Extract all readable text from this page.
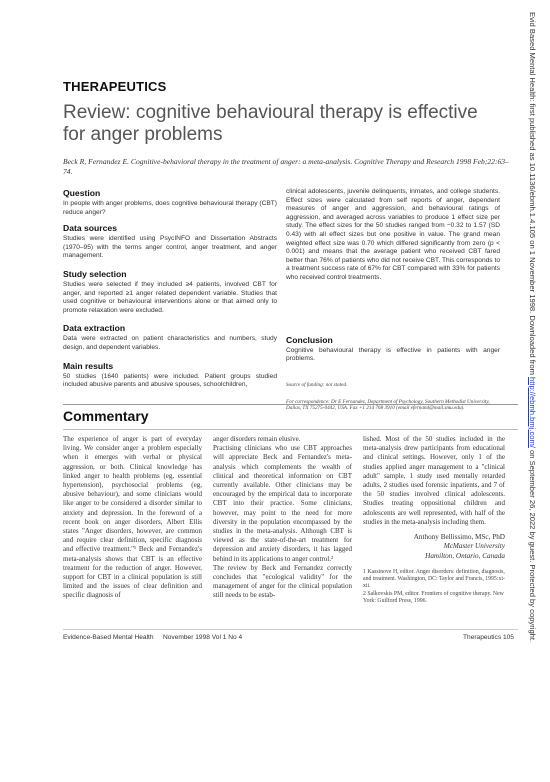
Evid Based Mental Health: first published as 10.1136/ebmh.1.4.105 on 1 November 1998. Downloaded from http://ebmh.bmj.com/ on September 26, 2022 by guest. Protected by copyright.
THERAPEUTICS
Review: cognitive behavioural therapy is effective for anger problems
Beck R, Fernandez E. Cognitive-behavioral therapy in the treatment of anger: a meta-analysis. Cognitive Therapy and Research 1998 Feb;22:63–74.
Question

In people with anger problems, does cognitive behavioural therapy (CBT) reduce anger?

Data sources

Studies were identified using PsycINFO and Dissertation Abstracts (1970–95) with the terms anger control, anger treatment, and anger management.

Study selection

Studies were selected if they included ≥4 patients, involved CBT for anger, and reported ≥1 anger related dependent variable. Studies that used cognitive or behavioural interventions alone or that aimed only to promote relaxation were excluded.

Data extraction

Data were extracted on patient characteristics and numbers, study design, and dependent variables.

Main results

50 studies (1640 patients) were included. Patient groups studied included abusive parents and abusive spouses, schoolchildren,

clinical adolescents, juvenile delinquents, inmates, and college students. Effect sizes were calculated from self reports of anger, dependent measures of anger and aggression, and behavioural ratings of aggression, and averaged across variables to produce 1 effect size per study. The effect sizes for the 50 studies ranged from −0.32 to 1.57 (SD 0.43) with all effect sizes but one positive in value. The grand mean weighted effect size was 0.70 which differed significantly from zero (p < 0.001) and means that the average patient who received CBT fared better than 76% of patients who did not receive CBT. This corresponds to a treatment success rate of 67% for CBT compared with 33% for patients who received control treatments.

Conclusion

Cognitive behavioural therapy is effective in patients with anger problems.

Source of funding: not stated.
For correspondence: Dr E Fernandez, Department of Psychology, Southern Methodist University, Dallas, TX 75275-0442, USA. Fax +1 214 768 3910 (email efernand@mail.smu.edu).
Commentary

The experience of anger is part of everyday living. We consider anger a problem especially when it emerges with verbal or physical aggression, or both. Clinical knowledge has linked anger to health problems (eg, essential hypertension), psychosocial problems (eg, abusive behaviour), and some clinicians would like anger to be considered a disorder similar to anxiety and depression. In the foreword of a recent book on anger disorders, Albert Ellis states "Anger disorders, however, are common and require clear definition, specific diagnosis and effective treatment."¹ Beck and Fernandez's meta-analysis shows that CBT is an effective treatment for the reduction of anger. However, support for CBT in a clinical population is still limited and the issues of clear definition and specific diagnosis of

anger disorders remain elusive.
Practising clinicians who use CBT approaches will appreciate Beck and Fernandez's meta-analysis which complements the wealth of clinical and theoretical information on CBT currently available. Other clinicians may be encouraged by the empirical data to incorporate CBT into their practice. Some clinicians, however, may point to the need for more diversity in the population encompassed by the studies in the meta-analysis. Although CBT is viewed as the state-of-the-art treatment for depression and anxiety disorders, it has lagged behind in its applications to anger control.²
The review by Beck and Fernandez correctly concludes that "ecological validity" for the management of anger for the clinical population still needs to be estab-

lished. Most of the 50 studies included in the meta-analysis drew participants from educational and clinical settings. However, only 1 of the studies applied anger management to a "clinical adult" sample, 1 study used mentally retarded adults, 2 studies used forensic inpatients, and 7 of the 50 studies involved clinical adolescents. Studies treating oppositional children and adolescents are well represented, with half of the studies in the meta-analysis including them.

Anthony Bellissimo, MSc, PhD
McMaster University
Hamilton, Ontario, Canada
1 Kassinove H, editor. Anger disorders: definition, diagnosis, and treatment. Washington, DC: Taylor and Francis, 1995:xi-xii.
2 Salkovskis PM, editor. Frontiers of cognitive therapy. New York: Guilford Press, 1996.
Evidence-Based Mental Health November 1998 Vol 1 No 4	Therapeutics 105
